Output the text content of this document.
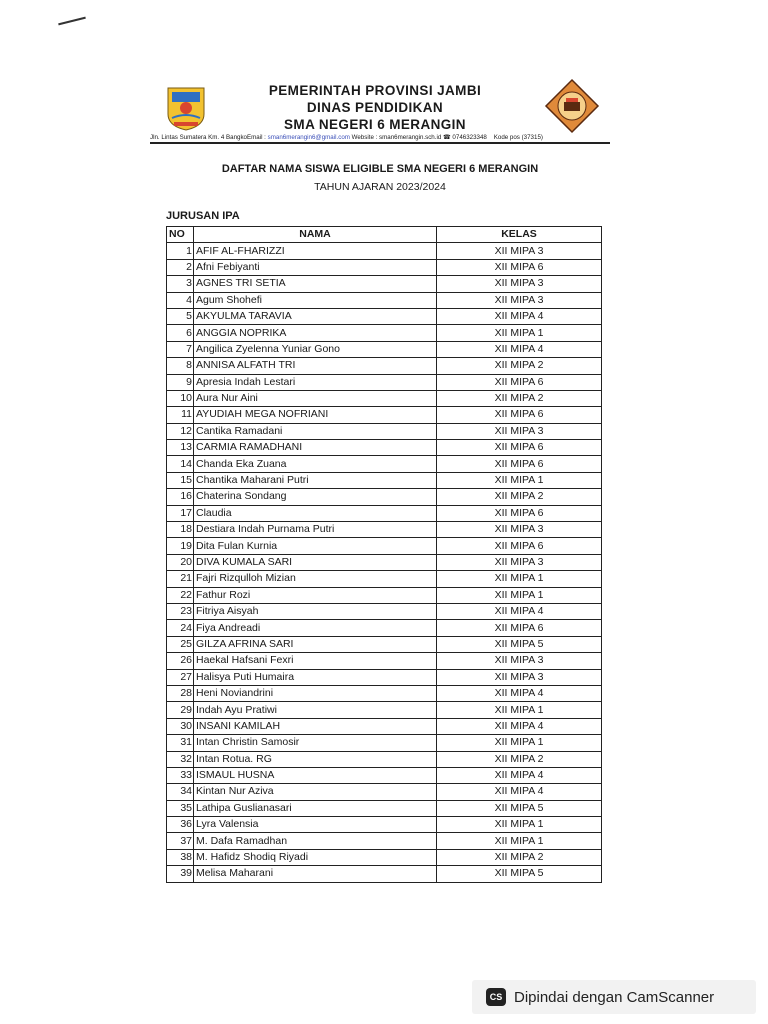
PEMERINTAH PROVINSI JAMBI
DINAS PENDIDIKAN
SMA NEGERI 6 MERANGIN
Jln. Lintas Sumatera Km. 4 BangkoEmail : sman6merangin6@gmail.com Website : sman6merangin.sch.id ☎ 0746323348 Kode pos (37315)
DAFTAR NAMA SISWA ELIGIBLE SMA NEGERI 6 MERANGIN
TAHUN AJARAN 2023/2024
JURUSAN IPA
NO	NAMA	KELAS
1	AFIF AL-FHARIZZI	XII MIPA 3
2	Afni Febiyanti	XII MIPA 6
3	AGNES TRI SETIA	XII MIPA 3
4	Agum Shohefi	XII MIPA 3
5	AKYULMA TARAVIA	XII MIPA 4
6	ANGGIA NOPRIKA	XII MIPA 1
7	Angilica Zyelenna Yuniar Gono	XII MIPA 4
8	ANNISA ALFATH TRI	XII MIPA 2
9	Apresia Indah Lestari	XII MIPA 6
10	Aura Nur Aini	XII MIPA 2
11	AYUDIAH MEGA NOFRIANI	XII MIPA 6
12	Cantika Ramadani	XII MIPA 3
13	CARMIA RAMADHANI	XII MIPA 6
14	Chanda Eka Zuana	XII MIPA 6
15	Chantika Maharani Putri	XII MIPA 1
16	Chaterina Sondang	XII MIPA 2
17	Claudia	XII MIPA 6
18	Destiara Indah Purnama Putri	XII MIPA 3
19	Dita Fulan Kurnia	XII MIPA 6
20	DIVA KUMALA SARI	XII MIPA 3
21	Fajri Rizqulloh Mizian	XII MIPA 1
22	Fathur Rozi	XII MIPA 1
23	Fitriya Aisyah	XII MIPA 4
24	Fiya Andreadi	XII MIPA 6
25	GILZA AFRINA SARI	XII MIPA 5
26	Haekal Hafsani Fexri	XII MIPA 3
27	Halisya Puti Humaira	XII MIPA 3
28	Heni Noviandrini	XII MIPA 4
29	Indah Ayu Pratiwi	XII MIPA 1
30	INSANI KAMILAH	XII MIPA 4
31	Intan Christin Samosir	XII MIPA 1
32	Intan Rotua. RG	XII MIPA 2
33	ISMAUL HUSNA	XII MIPA 4
34	Kintan Nur Aziva	XII MIPA 4
35	Lathipa Guslianasari	XII MIPA 5
36	Lyra Valensia	XII MIPA 1
37	M. Dafa Ramadhan	XII MIPA 1
38	M. Hafidz Shodiq Riyadi	XII MIPA 2
39	Melisa Maharani	XII MIPA 5
CS Dipindai dengan CamScanner
